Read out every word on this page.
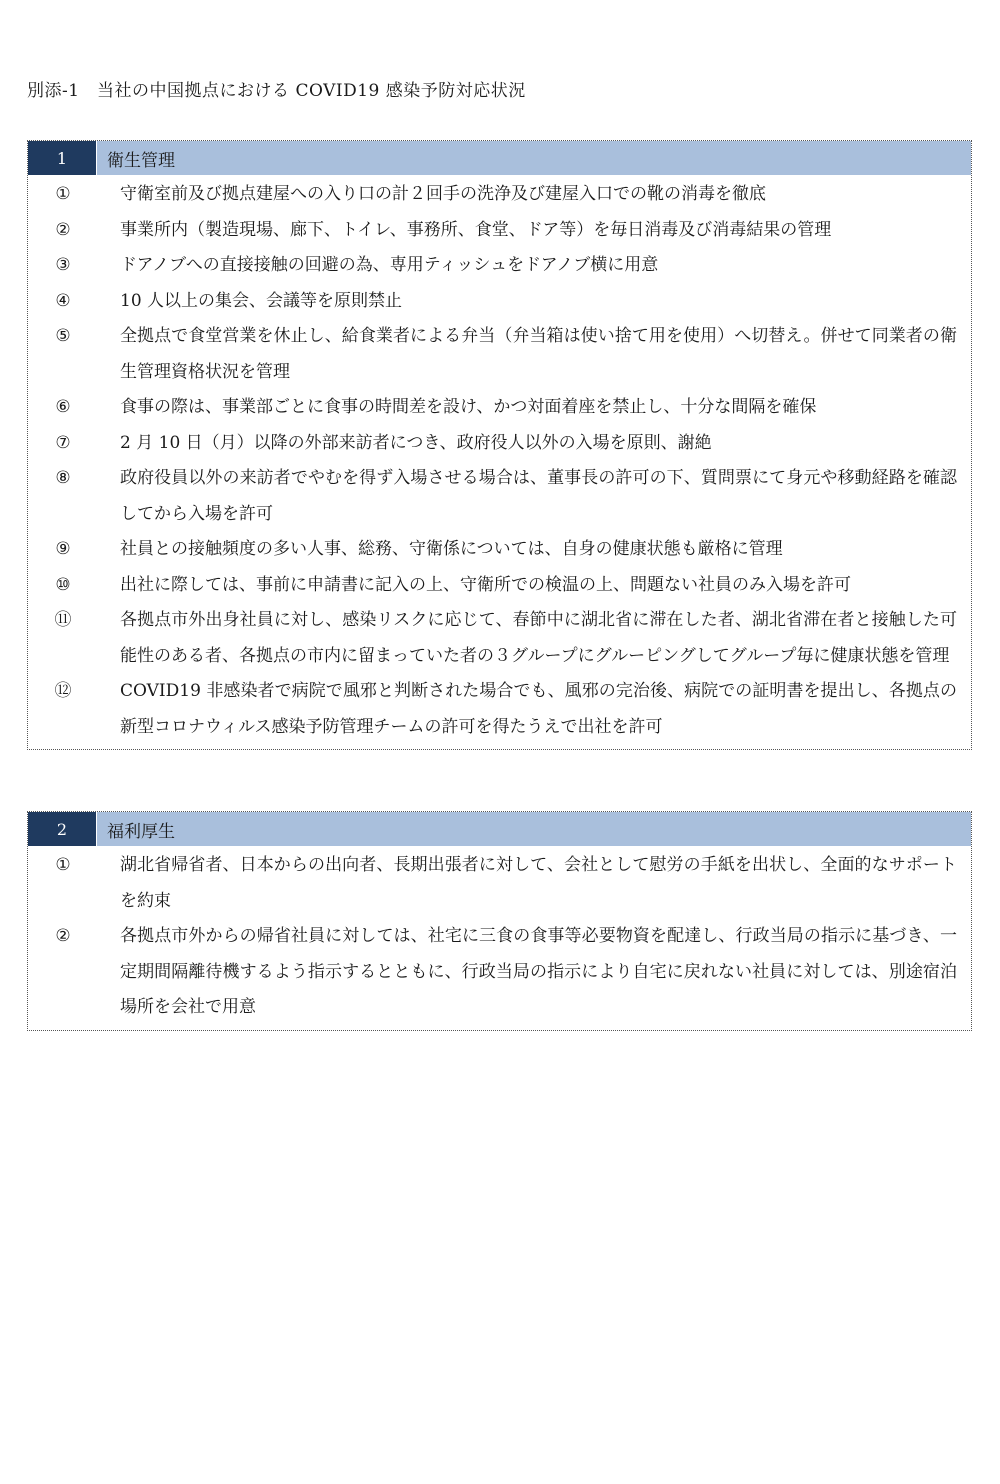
別添-1　当社の中国拠点における COVID19 感染予防対応状況
1	衛生管理
①	守衛室前及び拠点建屋への入り口の計２回手の洗浄及び建屋入口での靴の消毒を徹底
②	事業所内（製造現場、廊下、トイレ、事務所、食堂、ドア等）を毎日消毒及び消毒結果の管理
③	ドアノブへの直接接触の回避の為、専用ティッシュをドアノブ横に用意
④	10 人以上の集会、会議等を原則禁止
⑤	全拠点で食堂営業を休止し、給食業者による弁当（弁当箱は使い捨て用を使用）へ切替え。併せて同業者の衛生管理資格状況を管理
⑥	食事の際は、事業部ごとに食事の時間差を設け、かつ対面着座を禁止し、十分な間隔を確保
⑦	2 月 10 日（月）以降の外部来訪者につき、政府役人以外の入場を原則、謝絶
⑧	政府役員以外の来訪者でやむを得ず入場させる場合は、董事長の許可の下、質問票にて身元や移動経路を確認してから入場を許可
⑨	社員との接触頻度の多い人事、総務、守衛係については、自身の健康状態も厳格に管理
⑩	出社に際しては、事前に申請書に記入の上、守衛所での検温の上、問題ない社員のみ入場を許可
⑪	各拠点市外出身社員に対し、感染リスクに応じて、春節中に湖北省に滞在した者、湖北省滞在者と接触した可能性のある者、各拠点の市内に留まっていた者の３グループにグルーピングしてグループ毎に健康状態を管理
⑫	COVID19 非感染者で病院で風邪と判断された場合でも、風邪の完治後、病院での証明書を提出し、各拠点の新型コロナウィルス感染予防管理チームの許可を得たうえで出社を許可
2	福利厚生
①	湖北省帰省者、日本からの出向者、長期出張者に対して、会社として慰労の手紙を出状し、全面的なサポートを約束
②	各拠点市外からの帰省社員に対しては、社宅に三食の食事等必要物資を配達し、行政当局の指示に基づき、一定期間隔離待機するよう指示するとともに、行政当局の指示により自宅に戻れない社員に対しては、別途宿泊場所を会社で用意
